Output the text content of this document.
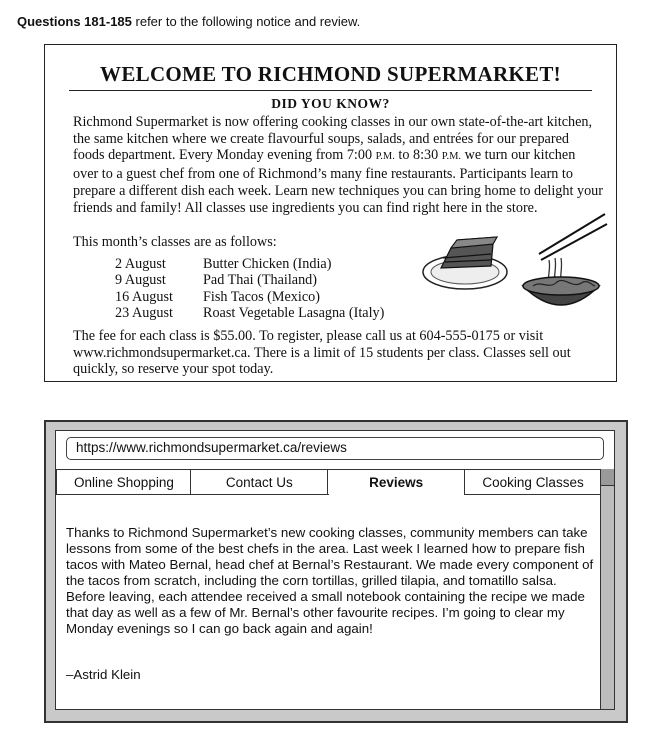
Questions 181-185 refer to the following notice and review.
WELCOME TO RICHMOND SUPERMARKET!
DID YOU KNOW?
Richmond Supermarket is now offering cooking classes in our own state-of-the-art kitchen, the same kitchen where we create flavourful soups, salads, and entrées for our prepared foods department. Every Monday evening from 7:00 P.M. to 8:30 P.M. we turn our kitchen over to a guest chef from one of Richmond’s many fine restaurants. Participants learn to prepare a different dish each week. Learn new techniques you can bring home to delight your friends and family! All classes use ingredients you can find right here in the store.
This month’s classes are as follows:
2 August	Butter Chicken (India)
9 August	Pad Thai (Thailand)
16 August	Fish Tacos (Mexico)
23 August	Roast Vegetable Lasagna (Italy)
The fee for each class is $55.00. To register, please call us at 604-555-0175 or visit www.richmondsupermarket.ca. There is a limit of 15 students per class. Classes sell out quickly, so reserve your spot today.
https://www.richmondsupermarket.ca/reviews
Online Shopping	Contact Us	Reviews	Cooking Classes
Thanks to Richmond Supermarket’s new cooking classes, community members can take lessons from some of the best chefs in the area. Last week I learned how to prepare fish tacos with Mateo Bernal, head chef at Bernal’s Restaurant. We made every component of the tacos from scratch, including the corn tortillas, grilled tilapia, and tomatillo salsa. Before leaving, each attendee received a small notebook containing the recipe we made that day as well as a few of Mr. Bernal’s other favourite recipes. I’m going to clear my Monday evenings so I can go back again and again!
–Astrid Klein
